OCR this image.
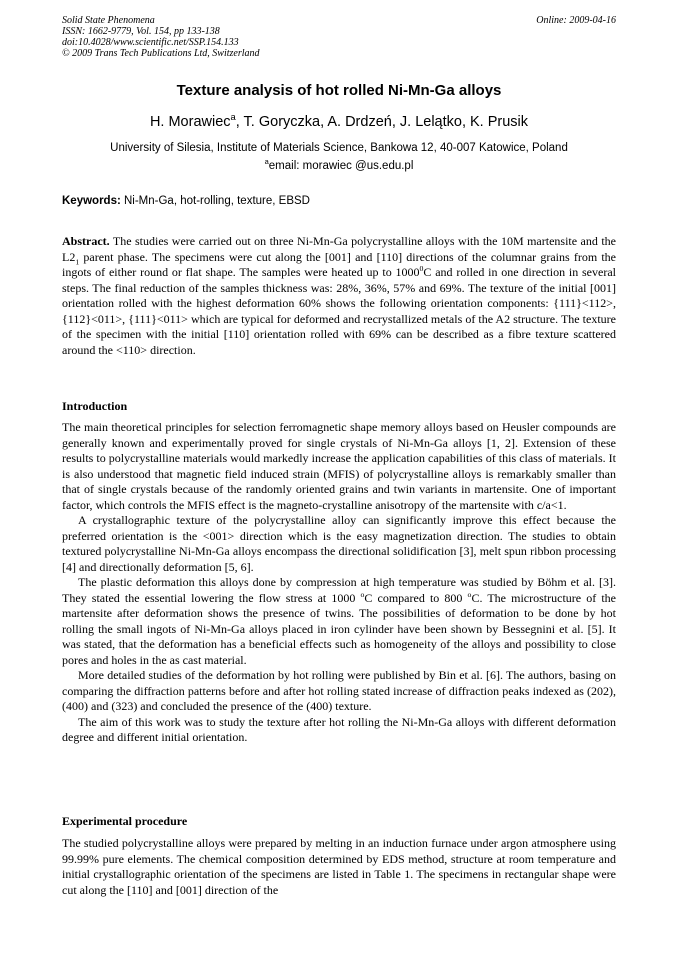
Solid State Phenomena
ISSN: 1662-9779, Vol. 154, pp 133-138
doi:10.4028/www.scientific.net/SSP.154.133
© 2009 Trans Tech Publications Ltd, Switzerland
Online: 2009-04-16
Texture analysis of hot rolled Ni-Mn-Ga alloys
H. Morawiec$^a$, T. Goryczka, A. Drdzeń, J. Lelątko, K. Prusik
University of Silesia, Institute of Materials Science, Bankowa 12, 40-007 Katowice, Poland
$^a$email: morawiec @us.edu.pl
Keywords: Ni-Mn-Ga, hot-rolling, texture, EBSD
Abstract. The studies were carried out on three Ni-Mn-Ga polycrystalline alloys with the 10M martensite and the $L2_1$ parent phase. The specimens were cut along the [001] and [110] directions of the columnar grains from the ingots of either round or flat shape. The samples were heated up to 1000$^0$C and rolled in one direction in several steps. The final reduction of the samples thickness was: 28%, 36%, 57% and 69%. The texture of the initial [001] orientation rolled with the highest deformation 60% shows the following orientation components: {111}<112>, {112}<011>, {111}<011> which are typical for deformed and recrystallized metals of the A2 structure. The texture of the specimen with the initial [110] orientation rolled with 69% can be described as a fibre texture scattered around the <110> direction.
Introduction

The main theoretical principles for selection ferromagnetic shape memory alloys based on Heusler compounds are generally known and experimentally proved for single crystals of Ni-Mn-Ga alloys [1, 2]. Extension of these results to polycrystalline materials would markedly increase the application capabilities of this class of materials. It is also understood that magnetic field induced strain (MFIS) of polycrystalline alloys is remarkably smaller than that of single crystals because of the randomly oriented grains and twin variants in martensite. One of important factor, which controls the MFIS effect is the magneto-crystalline anisotropy of the martensite with c/a<1.

A crystallographic texture of the polycrystalline alloy can significantly improve this effect because the preferred orientation is the <001> direction which is the easy magnetization direction. The studies to obtain textured polycrystalline Ni-Mn-Ga alloys encompass the directional solidification [3], melt spun ribbon processing [4] and directionally deformation [5, 6].

The plastic deformation this alloys done by compression at high temperature was studied by Böhm et al. [3]. They stated the essential lowering the flow stress at 1000 $^o$C compared to 800 $^o$C. The microstructure of the martensite after deformation shows the presence of twins. The possibilities of deformation to be done by hot rolling the small ingots of Ni-Mn-Ga alloys placed in iron cylinder have been shown by Bessegnini et al. [5]. It was stated, that the deformation has a beneficial effects such as homogeneity of the alloys and possibility to close pores and holes in the as cast material.

More detailed studies of the deformation by hot rolling were published by Bin et al. [6]. The authors, basing on comparing the diffraction patterns before and after hot rolling stated increase of diffraction peaks indexed as (202), (400) and (323) and concluded the presence of the (400) texture.

The aim of this work was to study the texture after hot rolling the Ni-Mn-Ga alloys with different deformation degree and different initial orientation.

Experimental procedure

The studied polycrystalline alloys were prepared by melting in an induction furnace under argon atmosphere using 99.99% pure elements. The chemical composition determined by EDS method, structure at room temperature and initial crystallographic orientation of the specimens are listed in Table 1. The specimens in rectangular shape were cut along the [110] and [001] direction of the
